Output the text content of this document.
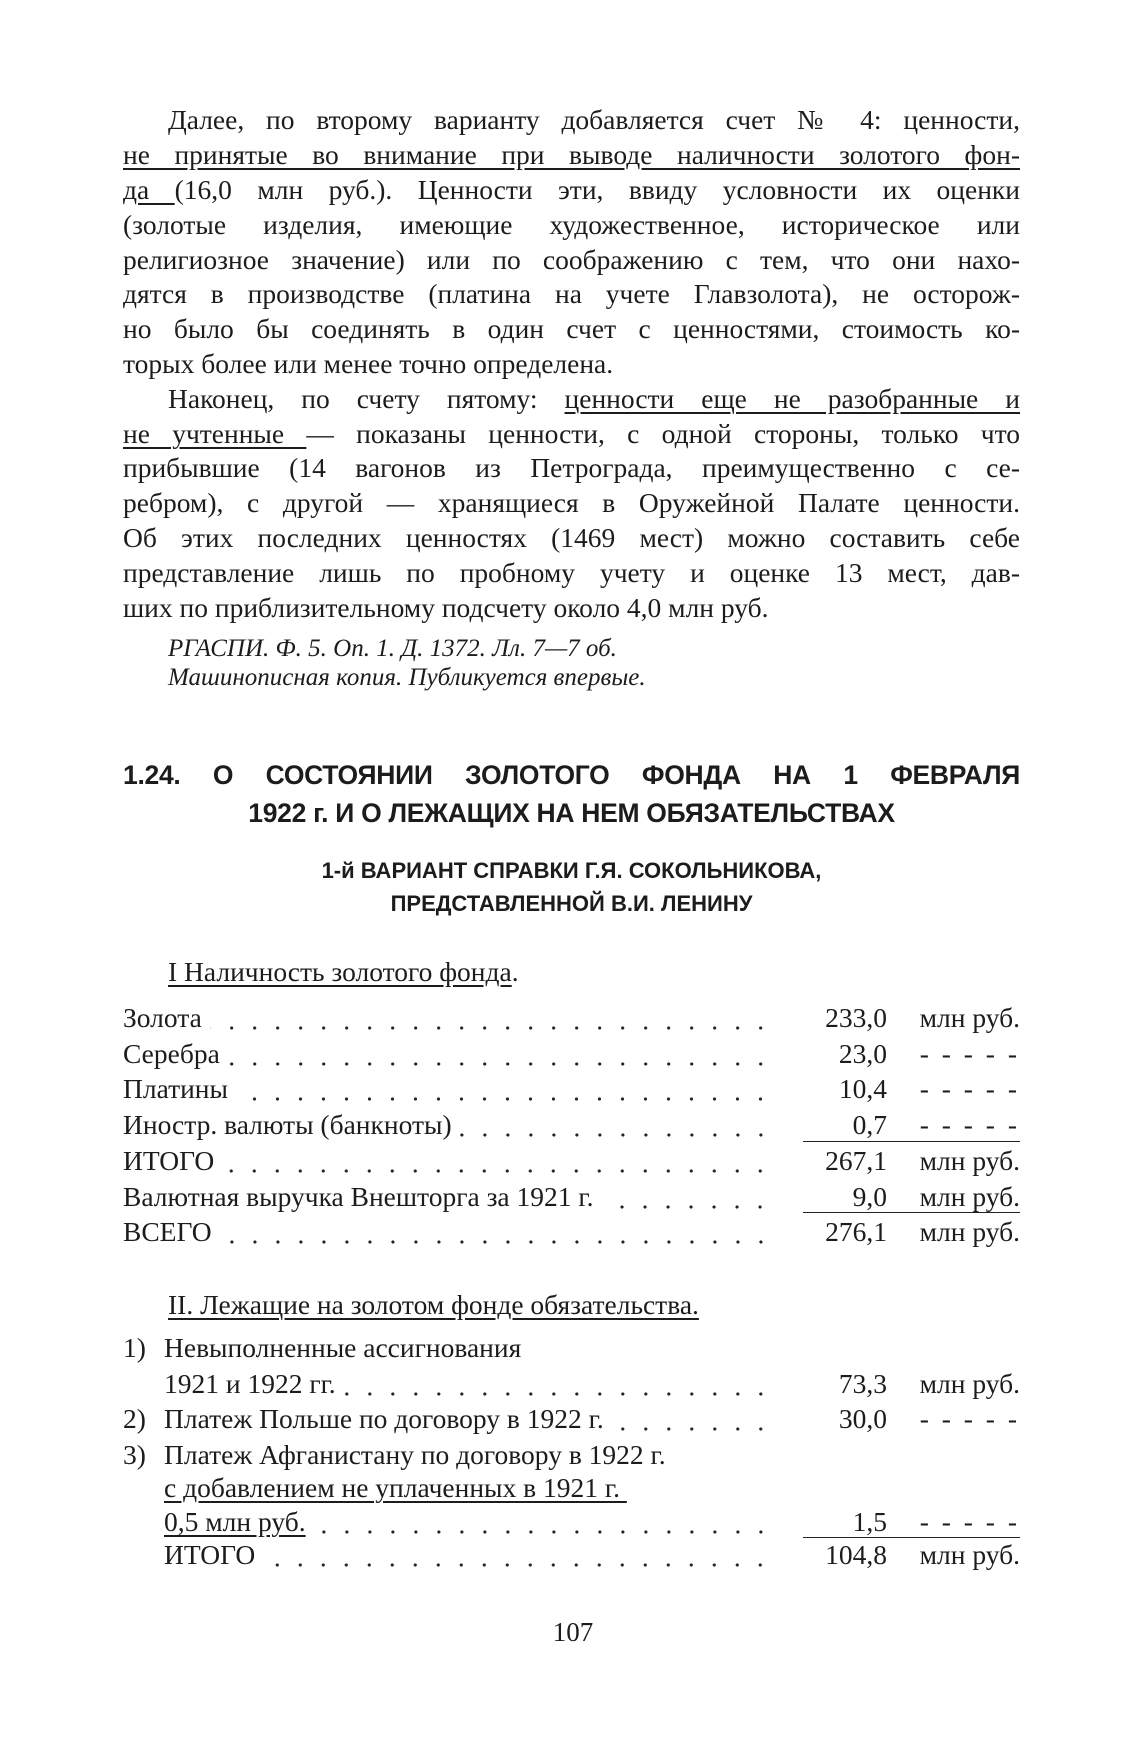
Далее, по второму варианту добавляется счет № 4: ценности,
не принятые во внимание при выводе наличности золотого фон-
да (16,0 млн руб.). Ценности эти, ввиду условности их оценки
(золотые изделия, имеющие художественное, историческое или
религиозное значение) или по соображению с тем, что они нахо-
дятся в производстве (платина на учете Главзолота), не осторож-
но было бы соединять в один счет с ценностями, стоимость ко-
торых более или менее точно определена.
Наконец, по счету пятому: ценности еще не разобранные и
не учтенные — показаны ценности, с одной стороны, только что
прибывшие (14 вагонов из Петрограда, преимущественно с се-
ребром), с другой — хранящиеся в Оружейной Палате ценности.
Об этих последних ценностях (1469 мест) можно составить себе
представление лишь по пробному учету и оценке 13 мест, дав-
ших по приблизительному подсчету около 4,0 млн руб.
РГАСПИ. Ф. 5. Оп. 1. Д. 1372. Лл. 7—7 об.
Машинописная копия. Публикуется впервые.
1.24. О СОСТОЯНИИ ЗОЛОТОГО ФОНДА НА 1 ФЕВРАЛЯ
1922 г. И О ЛЕЖАЩИХ НА НЕМ ОБЯЗАТЕЛЬСТВАХ
1-й ВАРИАНТ СПРАВКИ Г.Я. СОКОЛЬНИКОВА,
ПРЕДСТАВЛЕННОЙ В.И. ЛЕНИНУ
I Наличность золотого фонда.
Золота	233,0	млн руб.
Серебра	23,0	- - - - -
Платины	10,4	- - - - -
Иностр. валюты (банкноты)	0,7	- - - - -
ИТОГО	267,1	млн руб.
Валютная выручка Внешторга за 1921 г.	9,0	млн руб.
ВСЕГО	276,1	млн руб.
II. Лежащие на золотом фонде обязательства.
1) Невыполненные ассигнования
1921 и 1922 гг.	73,3	млн руб.
2) Платеж Польше по договору в 1922 г.	30,0	- - - - -
3) Платеж Афганистану по договору в 1922 г.
с добавлением не уплаченных в 1921 г.
0,5 млн руб.	1,5	- - - - -
ИТОГО	104,8	млн руб.
107
